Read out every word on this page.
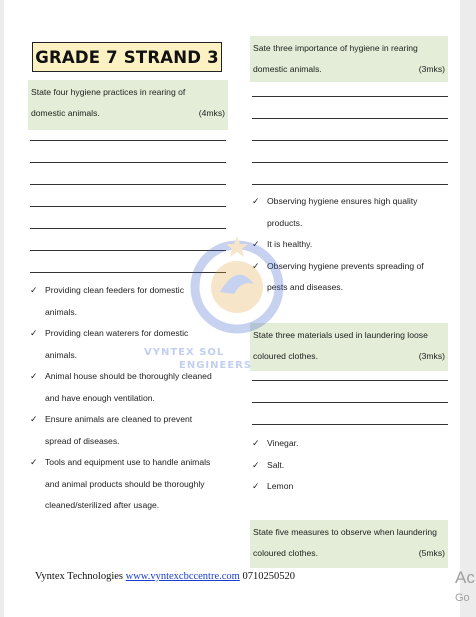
GRADE 7 STRAND 3
State four hygiene practices in rearing of
domestic animals.	(4mks)
✓ Providing clean feeders for domestic
animals.
✓ Providing clean waterers for domestic
animals.
✓ Animal house should be thoroughly cleaned
and have enough ventilation.
✓ Ensure animals are cleaned to prevent
spread of diseases.
✓ Tools and equipment use to handle animals
and animal products should be thoroughly
cleaned/sterilized after usage.
Sate three importance of hygiene in rearing
domestic animals.	(3mks)
✓ Observing hygiene ensures high quality
products.
✓ It is healthy.
✓ Observing hygiene prevents spreading of
pests and diseases.
State three materials used in laundering loose
coloured clothes.	(3mks)
✓ Vinegar.
✓ Salt.
✓ Lemon
State five measures to observe when laundering
coloured clothes.	(5mks)
VYNTEX SOL
ENGINEERS
Vyntex Technologies www.vyntexcbccentre.com 0710250520	Ac
Go
